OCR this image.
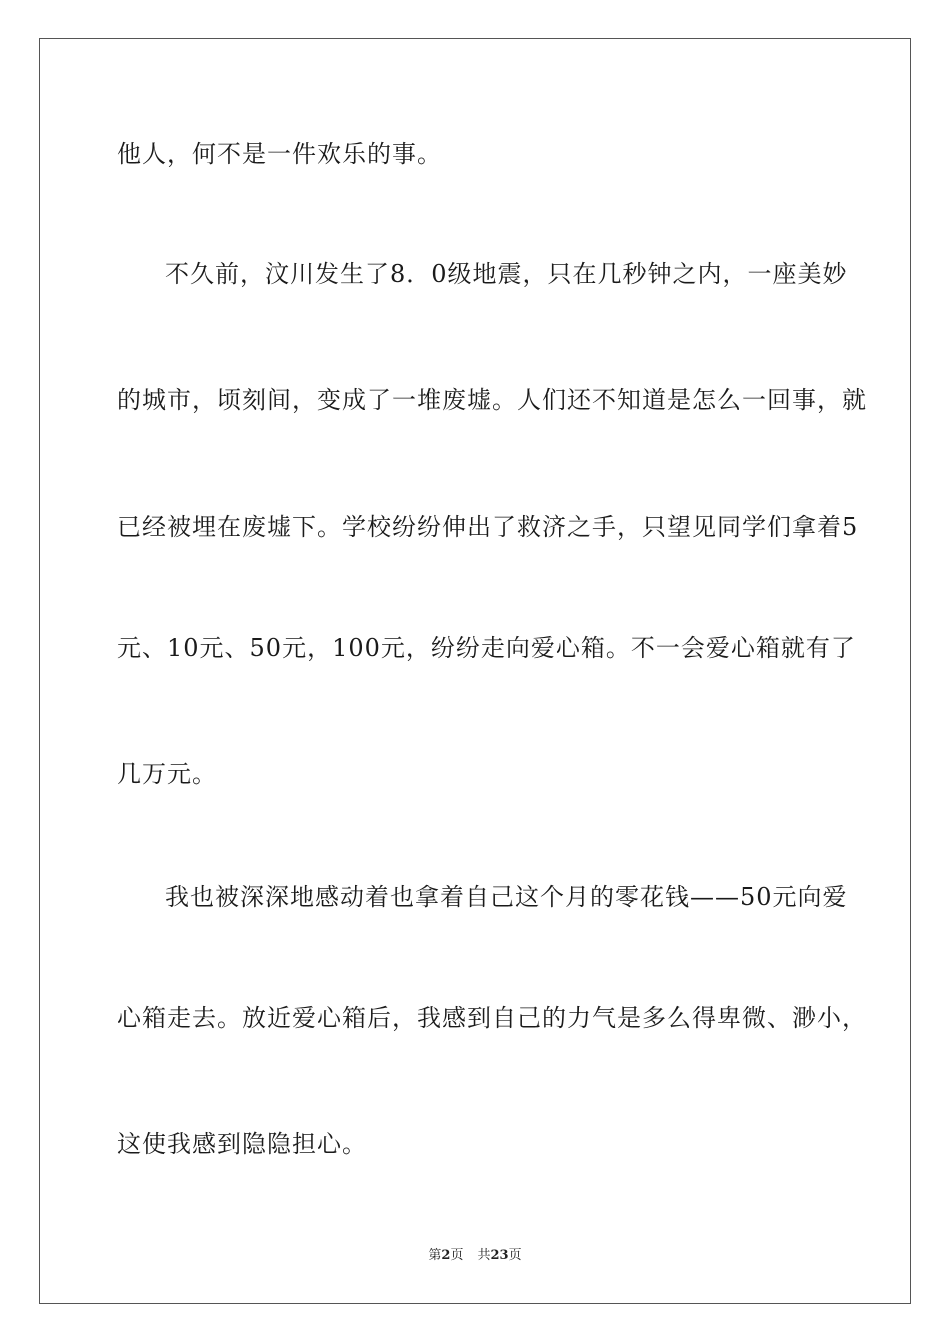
他人，何不是一件欢乐的事。
不久前，汶川发生了8．0级地震，只在几秒钟之内，一座美妙
的城市，顷刻间，变成了一堆废墟。人们还不知道是怎么一回事，就
已经被埋在废墟下。学校纷纷伸出了救济之手，只望见同学们拿着5
元、10元、50元，100元，纷纷走向爱心箱。不一会爱心箱就有了
几万元。
我也被深深地感动着也拿着自己这个月的零花钱——50元向爱
心箱走去。放近爱心箱后，我感到自己的力气是多么得卑微、渺小，
这使我感到隐隐担心。
第2页 共23页
